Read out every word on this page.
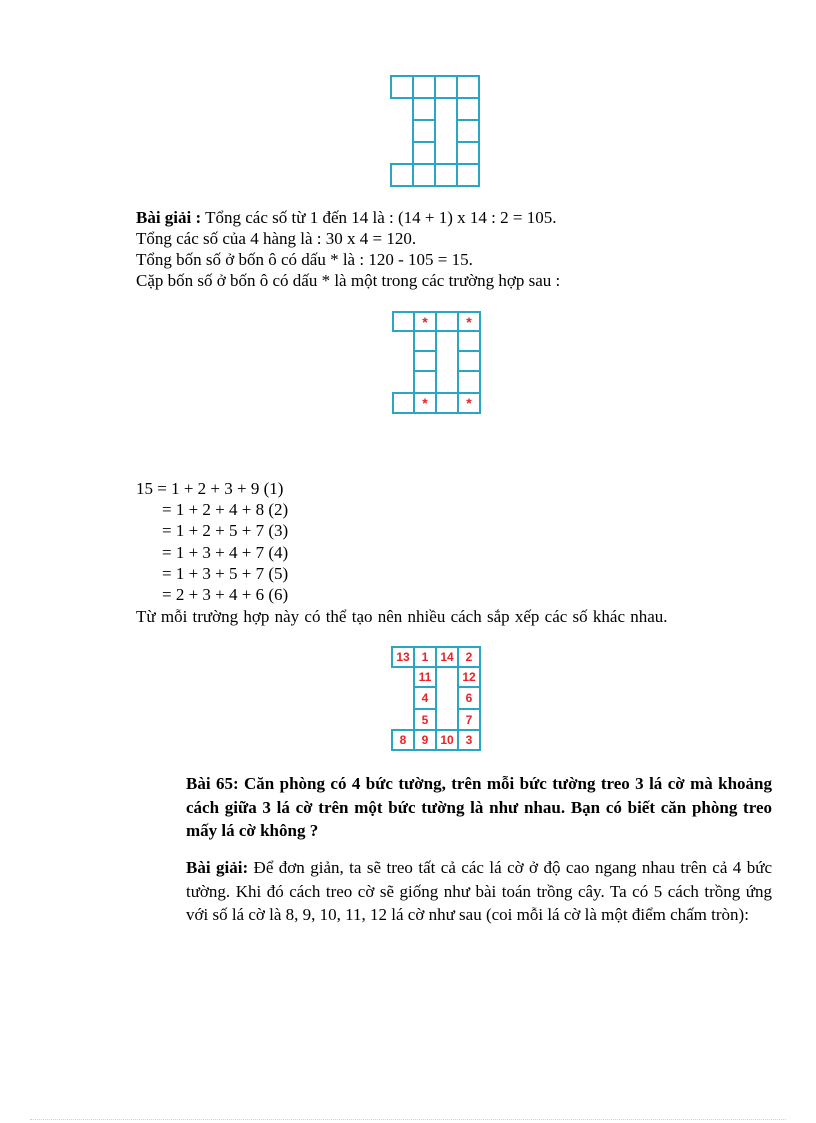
Bài giải : Tổng các số từ 1 đến 14 là : (14 + 1) x 14 : 2 = 105.
Tổng các số của 4 hàng là : 30 x 4 = 120.
Tổng bốn số ở bốn ô có dấu * là : 120 - 105 = 15.
Cặp bốn số ở bốn ô có dấu * là một trong các trường hợp sau :
*	*
*	*
15 = 1 + 2 + 3 + 9 (1)
= 1 + 2 + 4 + 8 (2)
= 1 + 2 + 5 + 7 (3)
= 1 + 3 + 4 + 7 (4)
= 1 + 3 + 5 + 7 (5)
= 2 + 3 + 4 + 6 (6)
Từ mỗi trường hợp này có thể tạo nên nhiều cách sắp xếp các số khác nhau.
13 1 14 2
11	12
4	6
5	7
8	9 10 3
Bài 65: Căn phòng có 4 bức tường, trên mỗi bức tường treo 3 lá cờ mà khoảng cách giữa 3 lá cờ trên một bức tường là như nhau. Bạn có biết căn phòng treo mấy lá cờ không ?
Bài giải: Để đơn giản, ta sẽ treo tất cả các lá cờ ở độ cao ngang nhau trên cả 4 bức tường. Khi đó cách treo cờ sẽ giống như bài toán trồng cây. Ta có 5 cách trồng ứng với số lá cờ là 8, 9, 10, 11, 12 lá cờ như sau (coi mỗi lá cờ là một điểm chấm tròn):
